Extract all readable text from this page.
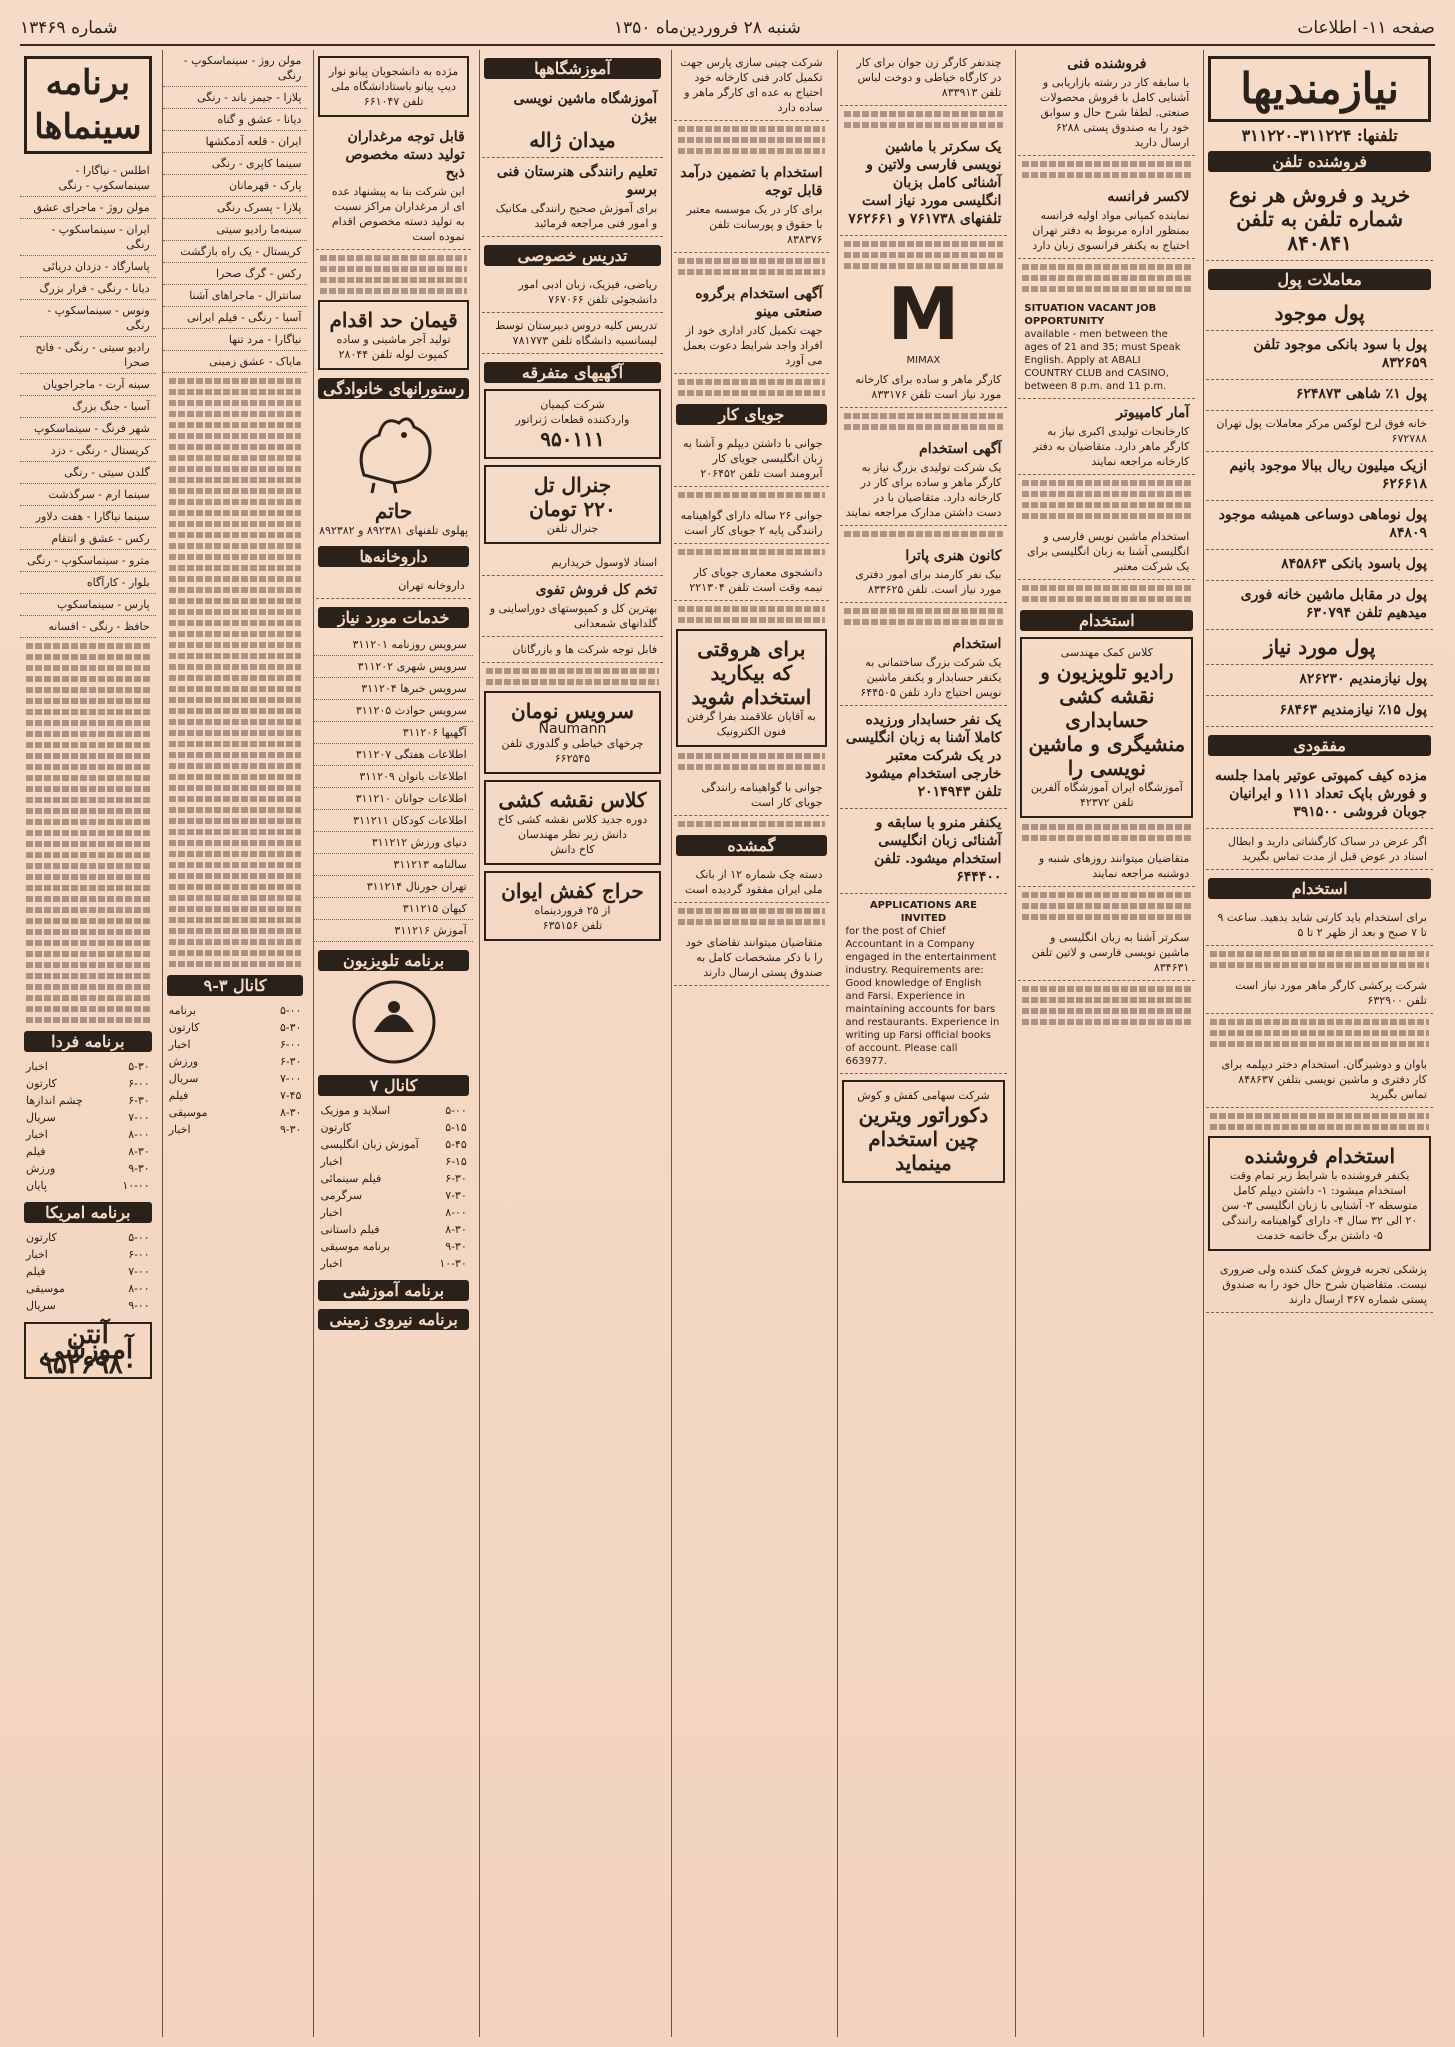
صفحه ۱۱- اطلاعات
شنبه ۲۸ فروردین‌ماه ۱۳۵۰
شماره ۱۳۴۶۹
نیازمندیها
تلفنها: ۳۱۱۲۲۴-۳۱۱۲۲۰
فروشنده تلفن
خرید و فروش هر نوع شماره تلفن به تلفن ۸۴۰۸۴۱
معاملات پول
پول موجود
پول با سود بانکی موجود تلفن ۸۳۲۶۵۹
پول ۱٪ شاهی ۶۲۴۸۷۳
خانه فوق لرح لوکس مرکز معاملات پول تهران ۶۷۲۷۸۸
ازیک میلیون ریال ببالا موجود بانیم ۶۲۶۶۱۸
پول نوماهی دوساعی همیشه موجود ۸۴۸۰۹
پول باسود بانکی ۸۴۵۸۶۳
پول در مقابل ماشین خانه فوری میدهیم تلفن ۶۳۰۷۹۴
پول مورد نیاز
پول نیازمندیم ۸۲۶۲۳۰
پول ۱۵٪ نیازمندیم ۶۸۴۶۳
مفقودی
مزده کیف کمپوتی عوتیر بامدا جلسه و فورش باپک تعداد ۱۱۱ و ایرانیان جوبان فروشی ۳۹۱۵۰۰
اگر عرض در سباک کارگشاتی دارید و ابطال اسناد در عوض قبل از مدت تماس بگیرید
استخدام
برای استخدام باید کارتی شاید بدهید. ساعت ۹ تا ۷ صبح و بعد از ظهر ۲ تا ۵
شرکت پرکشی کارگر ماهر مورد نیاز است تلفن ۶۳۲۹۰۰
باوان و دوشیزگان. استخدام دختر دیپلمه برای کار دفتری و ماشین نویسی بتلفن ۸۴۸۶۳۷ تماس بگیرید
استخدام فروشنده
یکنفر فروشنده با شرایط زیر تمام وقت استخدام میشود: ۱- داشتن دیپلم کامل متوسطه ۲- آشنایی با زبان انگلیسی ۳- سن ۲۰ الی ۳۲ سال ۴- دارای گواهینامه رانندگی ۵- داشتن برگ خاتمه خدمت
پزشکی تجربه فروش کمک کننده ولی ضروری نیست. متقاضیان شرح حال خود را به صندوق پستی شماره ۳۶۷ ارسال دارند
فروشنده فنی
با سابقه کار در رشته بازاریابی و آشنایی کامل با فروش محصولات صنعتی. لطفا شرح حال و سوابق خود را به صندوق پستی ۶۲۸۸ ارسال دارید
لاکسر فرانسه
نماینده کمپانی مواد اولیه فرانسه بمنظور اداره مربوط به دفتر تهران احتیاج به یکنفر فرانسوی زبان دارد
SITUATION VACANT JOB OPPORTUNITY
available - men between the ages of 21 and 35; must Speak English. Apply at ABALI COUNTRY CLUB and CASINO, between 8 p.m. and 11 p.m.
آمار کامپیوتر
کارخانجات تولیدی اکبری نیاز به کارگر ماهر دارد. متقاضیان به دفتر کارخانه مراجعه نمایند
استخدام ماشین نویس فارسی و انگلیسی آشنا به زبان انگلیسی برای یک شرکت معتبر
استخدام
کلاس کمک مهندسی
رادیو تلویزیون و نقشه کشی
حسابداری منشیگری و ماشین نویسی را
آموزشگاه ایران آموزشگاه آلفرین تلفن ۴۲۳۷۲
متقاضیان میتوانند روزهای شنبه و دوشنبه مراجعه نمایند
سکرتر آشنا به زبان انگلیسی و ماشین نویسی فارسی و لاتین تلفن ۸۳۴۶۳۱
چندنفر کارگر زن جوان برای کار در کارگاه خیاطی و دوخت لباس تلفن ۸۳۳۹۱۳
یک سکرتر با ماشین نویسی فارسی ولاتین و آشنائی کامل بزبان انگلیسی مورد نیاز است تلفنهای ۷۶۱۷۳۸ و ۷۶۲۶۶۱
M
MIMAX
کارگر ماهر و ساده برای کارخانه مورد نیاز است تلفن ۸۳۳۱۷۶
آگهی استخدام
یک شرکت تولیدی بزرگ نیاز به کارگر ماهر و ساده برای کار در کارخانه دارد. متقاضیان با در دست داشتن مدارک مراجعه نمایند
کانون هنری پاترا
بیک نفر کارمند برای امور دفتری مورد نیاز است. تلفن ۸۳۳۶۲۵
استخدام
یک شرکت بزرگ ساختمانی به یکنفر حسابدار و یکنفر ماشین نویس احتیاج دارد تلفن ۶۴۴۵۰۵
یک نفر حسابدار ورزیده کاملا آشنا به زبان انگلیسی در یک شرکت معتبر خارجی استخدام میشود تلفن ۲۰۱۴۹۴۳
یکنفر منرو با سابقه و آشنائی زبان انگلیسی استخدام میشود. تلفن ۶۴۴۴۰۰
APPLICATIONS ARE INVITED
for the post of Chief Accountant in a Company engaged in the entertainment industry. Requirements are: Good knowledge of English and Farsi. Experience in maintaining accounts for bars and restaurants. Experience in writing up Farsi official books of account. Please call 663977.
شرکت سهامی کفش و کوش
دکوراتور ویترین چین استخدام مینماید
شرکت چینی سازی پارس جهت تکمیل کادر فنی کارخانه خود احتیاج به عده ای کارگر ماهر و ساده دارد
استخدام با تضمین درآمد قابل توجه
برای کار در یک موسسه معتبر با حقوق و پورسانت تلفن ۸۳۸۳۷۶
آگهی استخدام برگروه صنعتی مینو
جهت تکمیل کادر اداری خود از افراد واجد شرایط دعوت بعمل می آورد
جویای کار
جوانی با داشتن دیپلم و آشنا به زبان انگلیسی جویای کار آبرومند است تلفن ۲۰۶۴۵۲
جوانی ۲۶ ساله دارای گواهینامه رانندگی پایه ۲ جویای کار است
دانشجوی معماری جویای کار نیمه وقت است تلفن ۲۲۱۳۰۴
برای هروقتی که بیکارید استخدام شوید
به آقایان علاقمند بفرا گرفتن فنون الکترونیک
جوانی با گواهینامه رانندگی جویای کار است
گمشده
دسته چک شماره ۱۲ از بانک ملی ایران مفقود گردیده است
متقاضیان میتوانند تقاضای خود را با ذکر مشخصات کامل به صندوق پستی ارسال دارند
آموزشگاهها
آموزشگاه ماشین نویسی بیژن
میدان ژاله
تعلیم رانندگی هنرستان فنی برسو
برای آموزش صحیح رانندگی مکانیک و امور فنی مراجعه فرمائید
تدریس خصوصی
ریاضی، فیزیک، زبان ادبی امور دانشجوئی تلفن ۷۶۷۰۶۶
تدریس کلیه دروس دبیرستان توسط لیسانسیه دانشگاه تلفن ۷۸۱۷۷۳
آگهیهای متفرقه
شرکت کیمیان
واردکننده قطعات ژنراتور
۹۵۰۱۱۱
جنرال تل
۲۲۰ تومان
جنرال تلفن
اسناد لاوسول خریداریم
تخم کل فروش تفوی
بهترین کل و کمپوستهای دوراساینی و گلدانهای شمعدانی
فابل توجه شرکت ها و بازرگانان
سرویس نومان
Naumann
چرخهای خیاطی و گلدوزی تلفن ۶۶۲۵۴۵
کلاس نقشه کشی
دوره جدید کلاس نقشه کشی کاخ دانش زیر نظر مهندسان
کاخ دانش
حراج کفش ایوان
از ۲۵ فروردینماه
تلفن ۶۳۵۱۵۶
مژده به دانشجویان پیانو نوار دیپ پیانو باستادانشگاه ملی تلفن ۶۶۱۰۴۷
قابل توجه مرغداران تولید دسته مخصوص ذبح
این شرکت بنا به پیشنهاد عده ای از مرغداران مراکز نسبت به تولید دسته مخصوص اقدام نموده است
قیمان حد اقدام
تولید آجر ماشینی و ساده کمپوت لوله تلفن ۲۸۰۴۴
رستورانهای خانوادگی
حاتم
پهلوی تلفنهای ۸۹۲۳۸۱ و ۸۹۲۳۸۲
داروخانه‌ها
داروخانه تهران
خدمات مورد نیاز
سرویس روزنامه ۳۱۱۲۰۱
سرویس شهری ۳۱۱۲۰۲
سرویس خبرها ۳۱۱۲۰۴
سرویس حوادث ۳۱۱۲۰۵
آگهیها ۳۱۱۲۰۶
اطلاعات هفتگی ۳۱۱۲۰۷
اطلاعات بانوان ۳۱۱۲۰۹
اطلاعات جوانان ۳۱۱۲۱۰
اطلاعات کودکان ۳۱۱۲۱۱
دنیای ورزش ۳۱۱۲۱۲
سالنامه ۳۱۱۲۱۳
تهران جورنال ۳۱۱۲۱۴
کیهان ۳۱۱۲۱۵
آموزش ۳۱۱۲۱۶
برنامه تلویزیون
کانال ۷
۵-۰۰
اسلاید و موزیک
۵-۱۵
کارتون
۵-۴۵
آموزش زبان انگلیسی
۶-۱۵
اخبار
۶-۳۰
فیلم سینمائی
۷-۳۰
سرگرمی
۸-۰۰
اخبار
۸-۳۰
فیلم داستانی
۹-۳۰
برنامه موسیقی
۱۰-۳۰
اخبار
برنامه آموزشی
برنامه نیروی زمینی
مولن روژ - سینماسکوپ - رنگی
پلازا - جیمز باند - رنگی
دیانا - عشق و گناه
ایران - قلعه آدمکشها
سینما کاپری - رنگی
پارک - قهرمانان
پلازا - پسرک رنگی
سینه‌ما رادیو سیتی
کریستال - یک راه بازگشت
رکس - گرگ صحرا
سانترال - ماجراهای آشنا
آسیا - رنگی - فیلم ایرانی
نیاگارا - مرد تنها
مایاک - عشق زمینی
کانال ۳-۹
۵-۰۰
برنامه
۵-۳۰
کارتون
۶-۰۰
اخبار
۶-۳۰
ورزش
۷-۰۰
سریال
۷-۴۵
فیلم
۸-۳۰
موسیقی
۹-۳۰
اخبار
برنامه سینماها
اطلس - نیاگارا - سینماسکوپ - رنگی
مولن روژ - ماجرای عشق
ایران - سینماسکوپ - رنگی
پاسارگاد - دزدان دریائی
دیانا - رنگی - فرار بزرگ
ونوس - سینماسکوپ - رنگی
رادیو سیتی - رنگی - فاتح صحرا
سینه آرت - ماجراجویان
آسیا - جنگ بزرگ
شهر فرنگ - سینماسکوپ
کریستال - رنگی - دزد
گلدن سیتی - رنگی
سینما ارم - سرگذشت
سینما نیاگارا - هفت دلاور
رکس - عشق و انتقام
مترو - سینماسکوپ - رنگی
بلوار - کارآگاه
پارس - سینماسکوپ
حافظ - رنگی - افسانه
برنامه فردا
۵-۳۰
اخبار
۶-۰۰
کارتون
۶-۳۰
چشم اندازها
۷-۰۰
سریال
۸-۰۰
اخبار
۸-۳۰
فیلم
۹-۳۰
ورزش
۱۰-۰۰
پایان
برنامه امریکا
۵-۰۰
کارتون
۶-۰۰
اخبار
۷-۰۰
فیلم
۸-۰۰
موسیقی
۹-۰۰
سریال
آنتن آموزشی ۹۵۲۶۹۸۰
